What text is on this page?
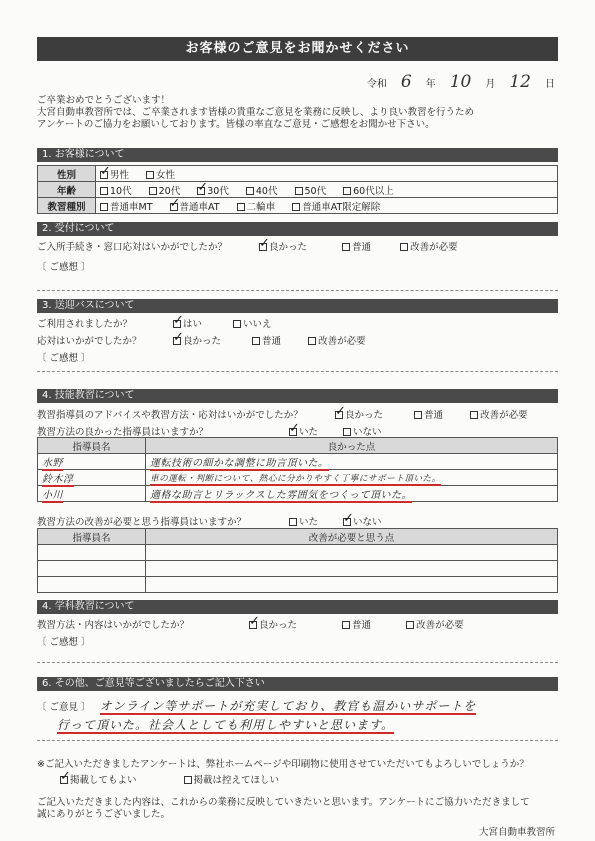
お客様のご意見をお聞かせください
令和 6	年 10	月 12	日
ご卒業おめでとうございます！
大宮自動車教習所では、ご卒業されます皆様の貴重なご意見を業務に反映し、より良い教習を行うため
アンケートのご協力をお願いしております。皆様の率直なご意見・ご感想をお聞かせ下さい。
1. お客様について
性別	✓男性 女性
年齢	10代 20代 ✓ 30代 40代 50代 60代以上
教習種別	普通車MT ✓ 普通車AT 二輪車 普通車AT限定解除
2. 受付について
ご入所手続き・窓口応対はいかがでしたか？ ✓	良かった	普通	改善が必要
〔 ご感想 〕
3. 送迎バスについて
ご利用されましたか？ ✓	はい	いいえ
応対はいかがでしたか？ ✓	良かった	普通	改善が必要
〔 ご感想 〕
4. 技能教習について
教習指導員のアドバイスや教習方法・応対はいかがでしたか？ ✓	良かった	普通	改善が必要
教習方法の良かった指導員はいますか？ ✓	いた	いない
指導員名	良かった点
水野	運転技術の細かな調整に助言頂いた。
鈴木淳	車の運転・判断について、熱心に分かりやすく丁寧にサポート頂いた。
小川	適格な助言とリラックスした雰囲気をつくって頂いた。
教習方法の改善が必要と思う指導員はいますか？	いた ✓	いない
指導員名	改善が必要と思う点

4. 学科教習について
教習方法・内容はいかがでしたか？ ✓	良かった	普通	改善が必要
〔 ご感想 〕
6. その他、ご意見等ございましたらご記入下さい
〔 ご意見 〕 オンライン等サポートが充実しており、教官も温かいサポートを
行って頂いた。社会人としても利用しやすいと思います。
※ご記入いただきましたアンケートは、弊社ホームページや印刷物に使用させていただいてもよろしいでしょうか？
✓掲載してもよい	掲載は控えてほしい
ご記入いただきました内容は、これからの業務に反映していきたいと思います。アンケートにご協力いただきまして
誠にありがとうございました。
大宮自動車教習所
